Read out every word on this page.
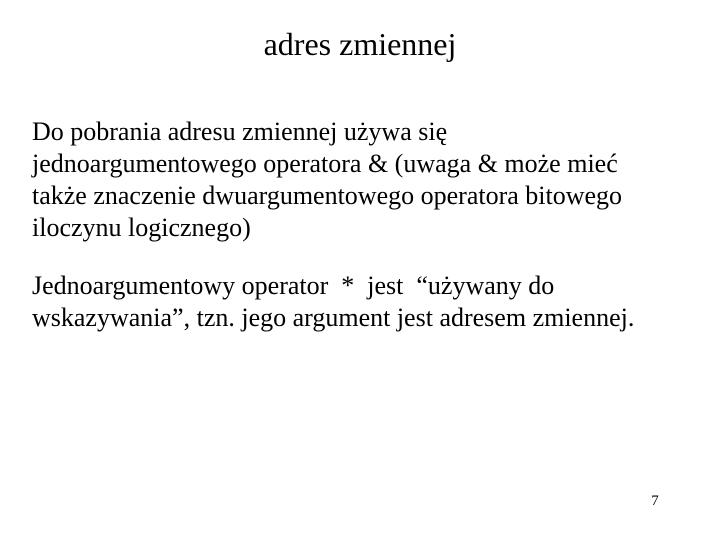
adres zmiennej

Do pobrania adresu zmiennej używa się
jednoargumentowego operatora & (uwaga & może mieć
także znaczenie dwuargumentowego operatora bitowego
iloczynu logicznego)

Jednoargumentowy operator  *  jest  “używany do
wskazywania”, tzn. jego argument jest adresem zmiennej.

7
